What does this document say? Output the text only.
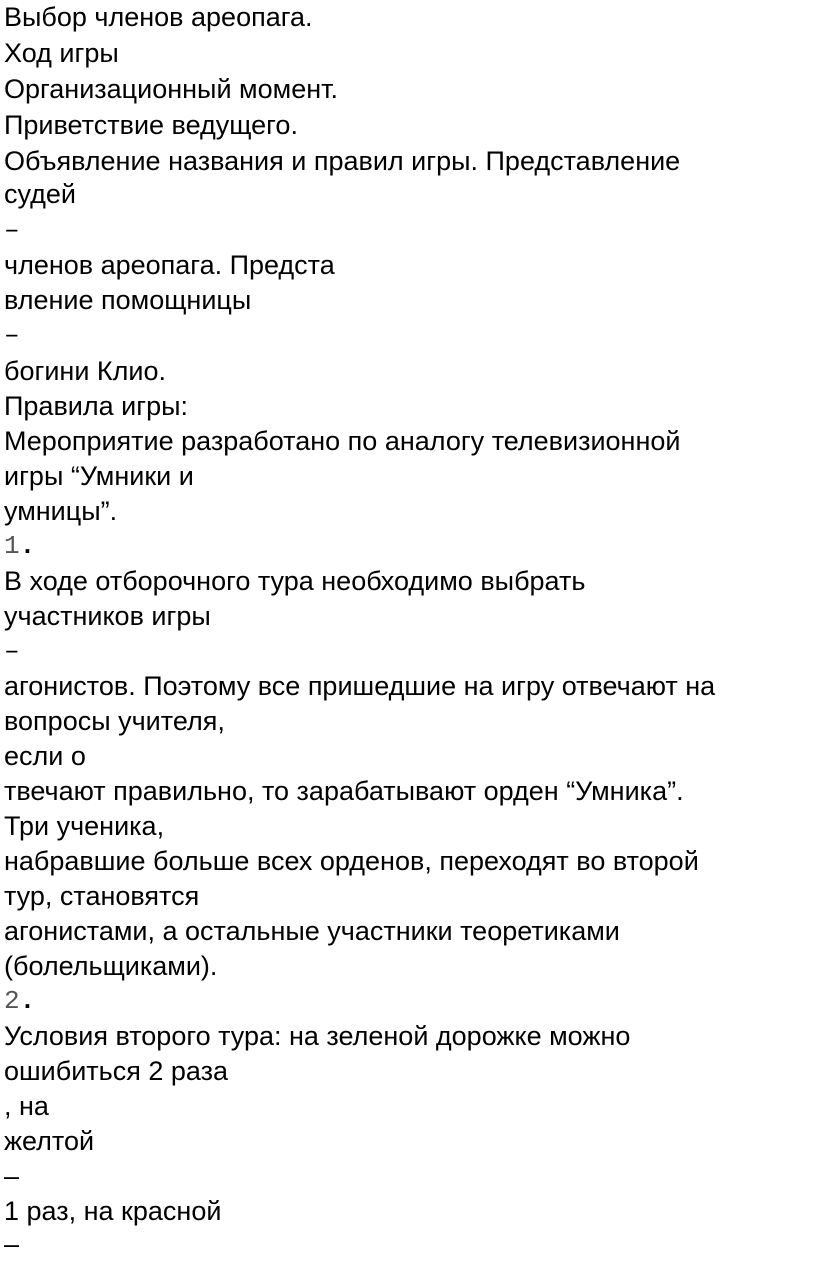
Выбор членов ареопага.
Ход игры
Организационный момент.
Приветствие ведущего.
Объявление названия и правил игры. Представление
судей
–
членов ареопага. Предста
вление помощницы
–
богини Клио.
Правила игры:
Мероприятие разработано по аналогу телевизионной
игры “Умники и
умницы”.
1.
В ходе отборочного тура необходимо выбрать
участников игры
–
агонистов. Поэтому все пришедшие на игру отвечают на
вопросы учителя,
если о
твечают правильно, то зарабатывают орден “Умника”.
Три ученика,
набравшие больше всех орденов, переходят во второй
тур, становятся
агонистами, а остальные участники теоретиками
(болельщиками).
2.
Условия второго тура: на зеленой дорожке можно
ошибиться 2 раза
, на
желтой
–
1 раз, на красной
–
